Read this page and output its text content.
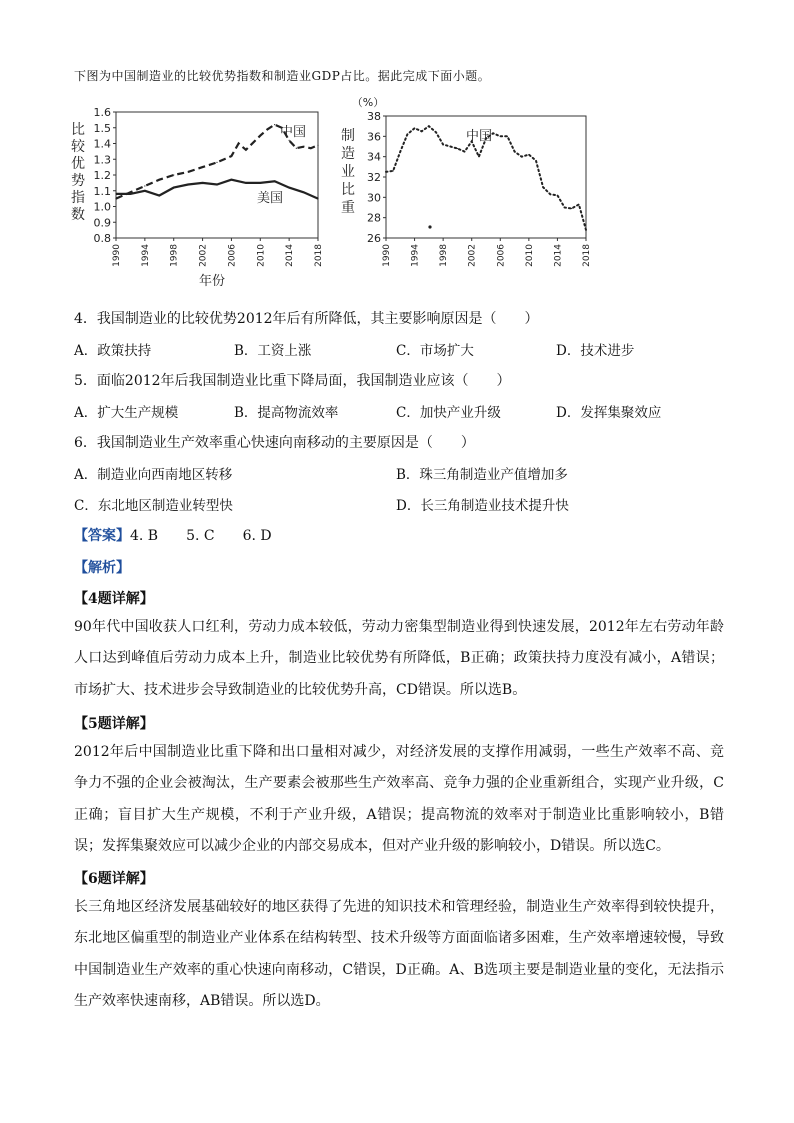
下图为中国制造业的比较优势指数和制造业GDP占比。据此完成下面小题。
1.6
1.5
1.4
1.3
1.2
1.1
1.0
0.9
0.8
1990 1994 1998 2002 2006 2010 2014 2018
比
较
优
势
指
数
年份
中国
美国
38
36
34
32
30
28
26
1990 1994 1998 2002 2006 2010 2014 2018
（%）
制
造
业
比
重
中国
4．我国制造业的比较优势2012年后有所降低，其主要影响原因是（　　）
A．政策扶持	B．工资上涨	C．市场扩大	D．技术进步
5．面临2012年后我国制造业比重下降局面，我国制造业应该（　　）
A．扩大生产规模	B．提高物流效率	C．加快产业升级	D．发挥集聚效应
6．我国制造业生产效率重心快速向南移动的主要原因是（　　）
A．制造业向西南地区转移	B．珠三角制造业产值增加多
C．东北地区制造业转型快	D．长三角制造业技术提升快
【答案】4. B　　5. C　　6. D
【解析】
【4题详解】
90年代中国收获人口红利，劳动力成本较低，劳动力密集型制造业得到快速发展，2012年左右劳动年龄人口达到峰值后劳动力成本上升，制造业比较优势有所降低，B正确；政策扶持力度没有减小，A错误；市场扩大、技术进步会导致制造业的比较优势升高，CD错误。所以选B。
【5题详解】
2012年后中国制造业比重下降和出口量相对减少，对经济发展的支撑作用减弱，一些生产效率不高、竞争力不强的企业会被淘汰，生产要素会被那些生产效率高、竞争力强的企业重新组合，实现产业升级，C正确；盲目扩大生产规模，不利于产业升级，A错误；提高物流的效率对于制造业比重影响较小，B错误；发挥集聚效应可以减少企业的内部交易成本，但对产业升级的影响较小，D错误。所以选C。
【6题详解】
长三角地区经济发展基础较好的地区获得了先进的知识技术和管理经验，制造业生产效率得到较快提升，东北地区偏重型的制造业产业体系在结构转型、技术升级等方面面临诸多困难，生产效率增速较慢，导致中国制造业生产效率的重心快速向南移动，C错误，D正确。A、B选项主要是制造业量的变化，无法指示生产效率快速南移，AB错误。所以选D。
